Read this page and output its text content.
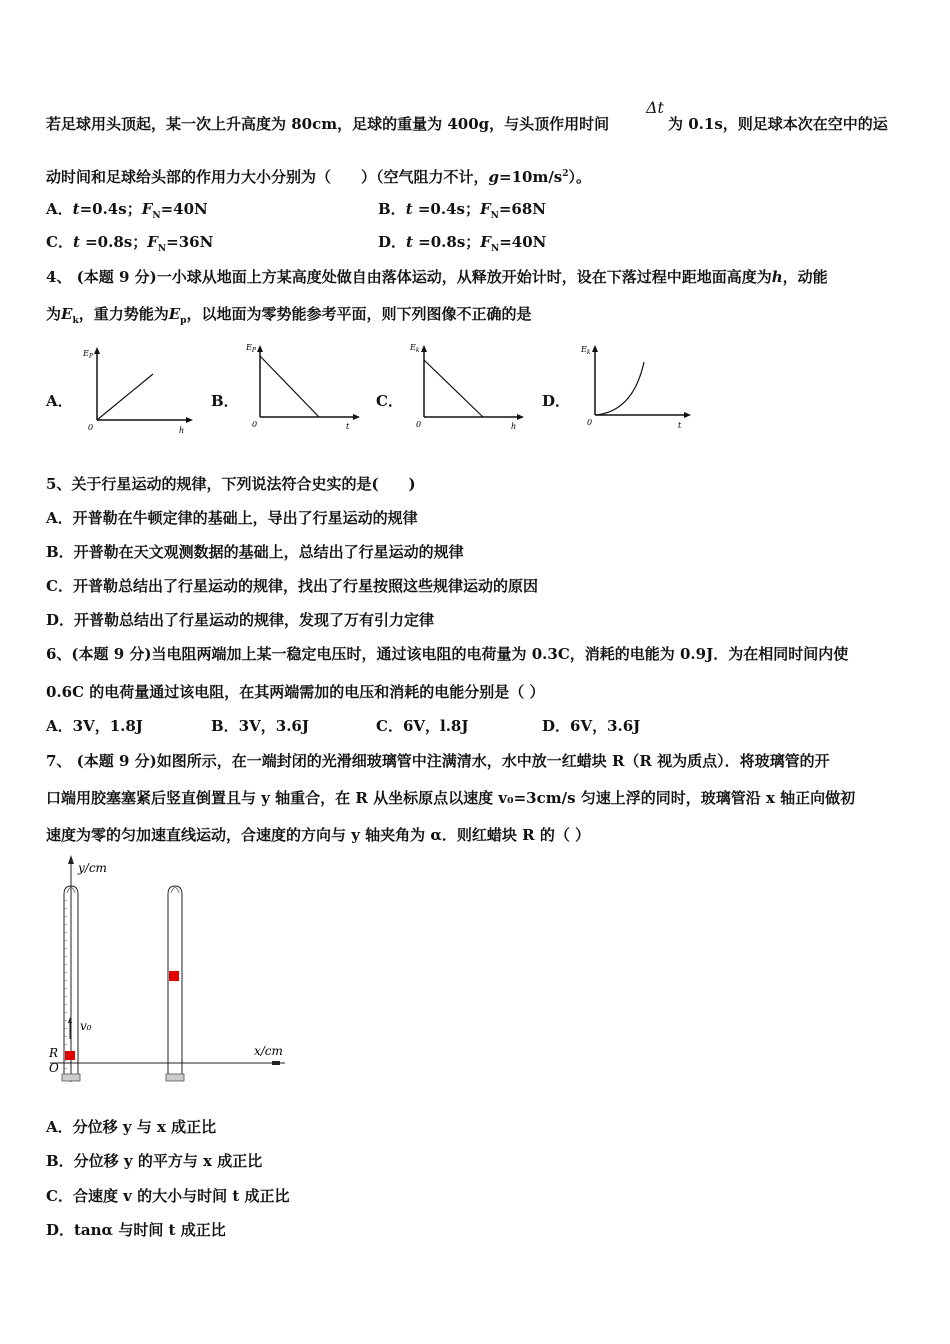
若足球用头顶起，某一次上升高度为 80cm，足球的重量为 400g，与头顶作用时间
Δt
为 0.1s，则足球本次在空中的运
动时间和足球给头部的作用力大小分别为（　　）（空气阻力不计，$g=10m/s^2$）。
A．t=0.4s；$F_N=40N$	B．t =0.4s；$F_N=68N$
C．t =0.8s；$F_N=36N$	D．t =0.8s；$F_N=40N$
4、 (本题 9 分)一小球从地面上方某高度处做自由落体运动，从释放开始计时，设在下落过程中距地面高度为h，动能
为$E_k$，重力势能为$E_p$，以地面为零势能参考平面，则下列图像不正确的是
A．
$E_P$
0	h
B．
$E_P$
0	t
C．
$E_k$
0	h
D．
$E_k$
0	t
5、关于行星运动的规律，下列说法符合史实的是(　　)
A．开普勒在牛顿定律的基础上，导出了行星运动的规律
B．开普勒在天文观测数据的基础上，总结出了行星运动的规律
C．开普勒总结出了行星运动的规律，找出了行星按照这些规律运动的原因
D．开普勒总结出了行星运动的规律，发现了万有引力定律
6、(本题 9 分)当电阻两端加上某一稳定电压时，通过该电阻的电荷量为 0.3C，消耗的电能为 0.9J．为在相同时间内使
0.6C 的电荷量通过该电阻，在其两端需加的电压和消耗的电能分别是（ ）
A．3V，1.8J	B．3V，3.6J	C．6V，l.8J	D．6V，3.6J
7、 (本题 9 分)如图所示，在一端封闭的光滑细玻璃管中注满清水，水中放一红蜡块 R（R 视为质点）．将玻璃管的开
口端用胶塞塞紧后竖直倒置且与 y 轴重合，在 R 从坐标原点以速度 v₀=3cm/s 匀速上浮的同时，玻璃管沿 x 轴正向做初
速度为零的匀加速直线运动，合速度的方向与 y 轴夹角为 α．则红蜡块 R 的（ ）
y/cm
x/cm
v₀
R
O
A．分位移 y 与 x 成正比
B．分位移 y 的平方与 x 成正比
C．合速度 v 的大小与时间 t 成正比
D．tanα 与时间 t 成正比
